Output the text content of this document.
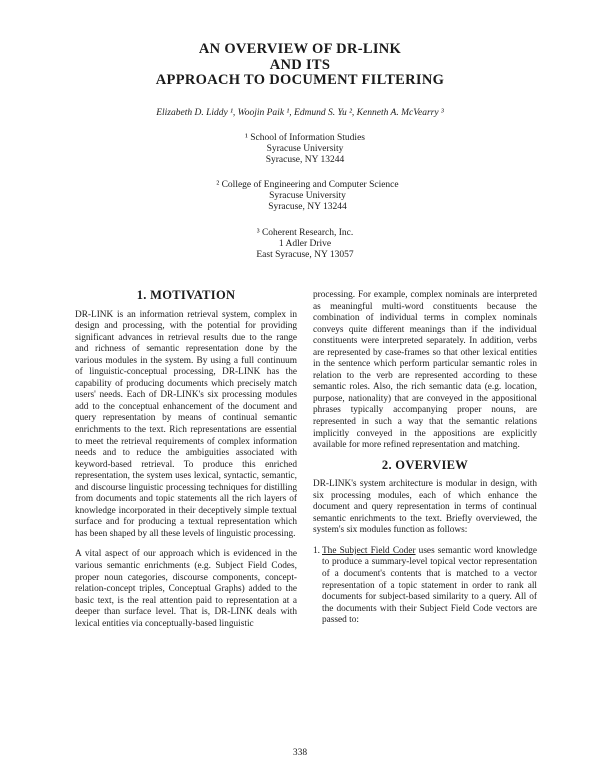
AN OVERVIEW OF DR-LINK
AND ITS
APPROACH TO DOCUMENT FILTERING
Elizabeth D. Liddy ¹, Woojin Paik ¹, Edmund S. Yu ², Kenneth A. McVearry ³
¹ School of Information Studies
Syracuse University
Syracuse, NY 13244
² College of Engineering and Computer Science
Syracuse University
Syracuse, NY 13244
³ Coherent Research, Inc.
1 Adler Drive
East Syracuse, NY 13057
1. MOTIVATION

DR-LINK is an information retrieval system, complex in design and processing, with the potential for providing significant advances in retrieval results due to the range and richness of semantic representation done by the various modules in the system. By using a full continuum of linguistic-conceptual processing, DR-LINK has the capability of producing documents which precisely match users' needs. Each of DR-LINK's six processing modules add to the conceptual enhancement of the document and query representation by means of continual semantic enrichments to the text. Rich representations are essential to meet the retrieval requirements of complex information needs and to reduce the ambiguities associated with keyword-based retrieval. To produce this enriched representation, the system uses lexical, syntactic, semantic, and discourse linguistic processing techniques for distilling from documents and topic statements all the rich layers of knowledge incorporated in their deceptively simple textual surface and for producing a textual representation which has been shaped by all these levels of linguistic processing.

A vital aspect of our approach which is evidenced in the various semantic enrichments (e.g. Subject Field Codes, proper noun categories, discourse components, concept-relation-concept triples, Conceptual Graphs) added to the basic text, is the real attention paid to representation at a deeper than surface level. That is, DR-LINK deals with lexical entities via conceptually-based linguistic

processing. For example, complex nominals are interpreted as meaningful multi-word constituents because the combination of individual terms in complex nominals conveys quite different meanings than if the individual constituents were interpreted separately. In addition, verbs are represented by case-frames so that other lexical entities in the sentence which perform particular semantic roles in relation to the verb are represented according to these semantic roles. Also, the rich semantic data (e.g. location, purpose, nationality) that are conveyed in the appositional phrases typically accompanying proper nouns, are represented in such a way that the semantic relations implicitly conveyed in the appositions are explicitly available for more refined representation and matching.

2. OVERVIEW

DR-LINK's system architecture is modular in design, with six processing modules, each of which enhance the document and query representation in terms of continual semantic enrichments to the text. Briefly overviewed, the system's six modules function as follows:

1. The Subject Field Coder uses semantic word knowledge to produce a summary-level topical vector representation of a document's contents that is matched to a vector representation of a topic statement in order to rank all documents for subject-based similarity to a query. All of the documents with their Subject Field Code vectors are passed to:
338
